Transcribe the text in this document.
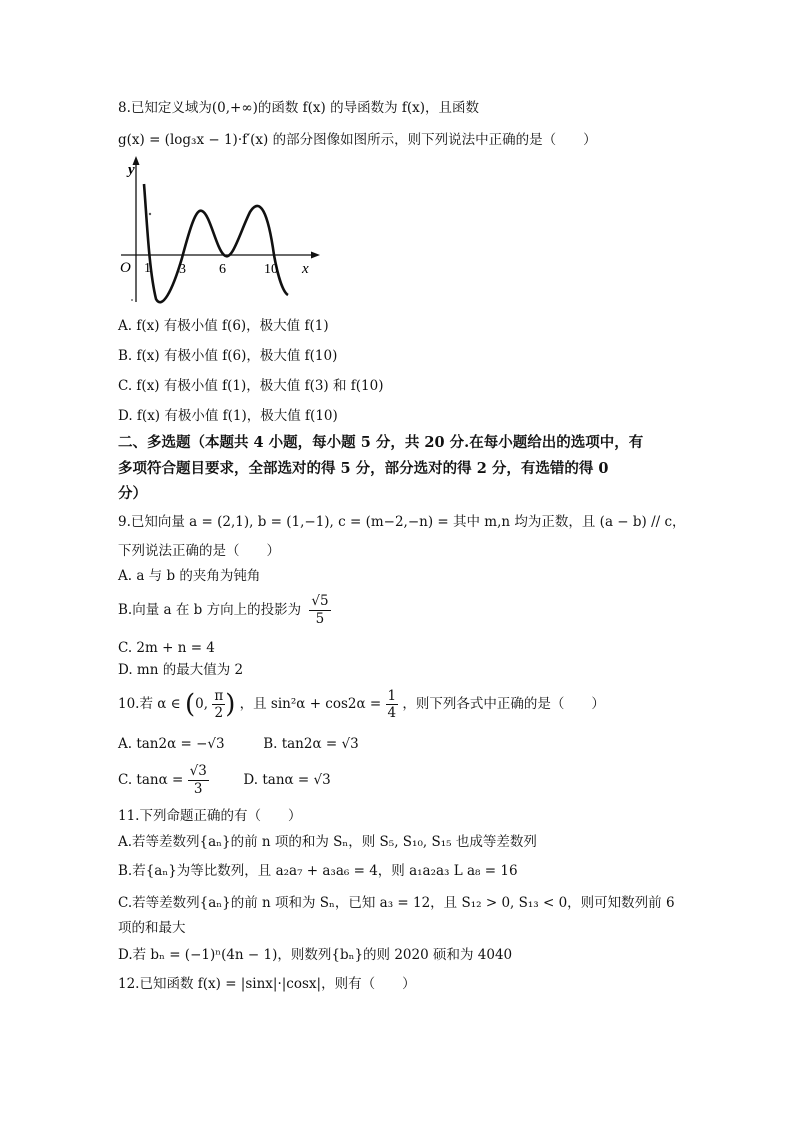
8.已知定义域为(0,+∞)的函数 f(x) 的导函数为 f(x)，且函数
g(x) = (log₃x − 1)·f′(x) 的部分图像如图所示，则下列说法中正确的是（　　）
y
x
O 1 3 6	10
A. f(x) 有极小值 f(6)，极大值 f(1)
B. f(x) 有极小值 f(6)，极大值 f(10)
C. f(x) 有极小值 f(1)，极大值 f(3) 和 f(10)
D. f(x) 有极小值 f(1)，极大值 f(10)
二、多选题（本题共 4 小题，每小题 5 分，共 20 分.在每小题给出的选项中，有
多项符合题目要求，全部选对的得 5 分，部分选对的得 2 分，有选错的得 0
分）
9.已知向量 a = (2,1), b = (1,−1), c = (m−2,−n) = 其中 m,n 均为正数，且 (a − b) // c，
下列说法正确的是（　　）
A. a 与 b 的夹角为钝角
B.向量 a 在 b 方向上的投影为 $\frac{√5}{5}$
C. 2m + n = 4
D. mn 的最大值为 2
10.若 α ∈ (0, $\frac{\pi}{2}$ ) ，且 $\sin^2\alpha + \cos 2\alpha = \frac{1}{4}$ ，则下列各式中正确的是（　　）
A. tan2α = −√3	B. tan2α = √3
C. $\tan\alpha = \frac{√3}{3}$	D. tanα = √3
11.下列命题正确的有（　　）
A.若等差数列{aₙ}的前 n 项的和为 Sₙ，则 S₅, S₁₀, S₁₅ 也成等差数列
B.若{aₙ}为等比数列，且 a₂a₇ + a₃a₆ = 4，则 a₁a₂a₃ L a₈ = 16
C.若等差数列{aₙ}的前 n 项和为 Sₙ，已知 a₃ = 12，且 S₁₂ > 0, S₁₃ < 0，则可知数列前 6
项的和最大
D.若 bₙ = (−1)ⁿ(4n − 1)，则数列{bₙ}的则 2020 硕和为 4040
12.已知函数 f(x) = |sinx|·|cosx|，则有（　　）
